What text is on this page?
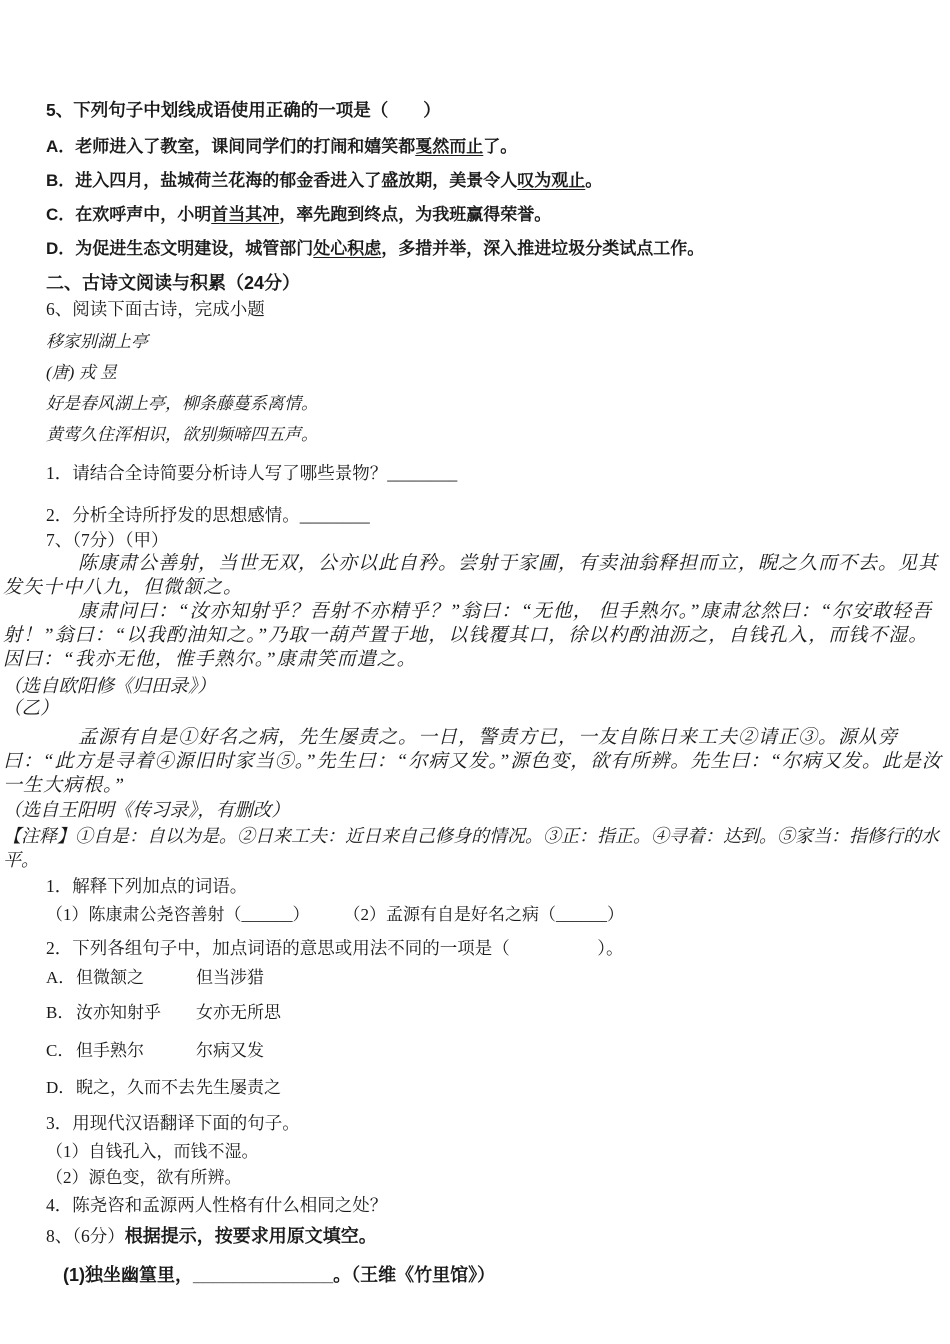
5、下列句子中划线成语使用正确的一项是（　　）

A．老师进入了教室，课间同学们的打闹和嬉笑都戛然而止了。

B．进入四月，盐城荷兰花海的郁金香进入了盛放期，美景令人叹为观止。

C．在欢呼声中，小明首当其冲，率先跑到终点，为我班赢得荣誉。

D．为促进生态文明建设，城管部门处心积虑，多措并举，深入推进垃圾分类试点工作。

二、古诗文阅读与积累（24分）

6、阅读下面古诗，完成小题

移家别湖上亭

(唐) 戎 昱

好是春风湖上亭，柳条藤蔓系离情。

黄莺久住浑相识，欲别频啼四五声。

1．请结合全诗简要分析诗人写了哪些景物？________

2．分析全诗所抒发的思想感情。________

7、（7分）（甲）

陈康肃公善射，当世无双，公亦以此自矜。尝射于家圃，有卖油翁释担而立，睨之久而不去。见其发矢十中八九，但微颔之。

康肃问曰：“汝亦知射乎？吾射不亦精乎？”翁曰：“无他， 但手熟尔。”康肃忿然曰：“尔安敢轻吾射！”翁曰：“以我酌油知之。”乃取一葫芦置于地，以钱覆其口，徐以杓酌油沥之，自钱孔入，而钱不湿。因曰：“我亦无他，惟手熟尔。”康肃笑而遣之。

（选自欧阳修《归田录》）

（乙）

孟源有自是①好名之病，先生屡责之。一日，警责方已，一友自陈日来工夫②请正③。源从旁曰：“此方是寻着④源旧时家当⑤。”先生曰：“尔病又发。”源色变，欲有所辨。先生曰：“尔病又发。此是汝一生大病根。”

（选自王阳明《传习录》，有删改）

【注释】①自是：自以为是。②日来工夫：近日来自己修身的情况。③正：指正。④寻着：达到。⑤家当：指修行的水平。

1．解释下列加点的词语。

（1）陈康肃公尧咨善射（______）　　　（2）孟源有自是好名之病（______）

2．下列各组句子中，加点词语的意思或用法不同的一项是（　　　　　）。

A． 但微颔之	但当涉猎
B． 汝亦知射乎	女亦无所思
C． 但手熟尔	尔病又发
D． 睨之，久而不去 先生屡责之

3．用现代汉语翻译下面的句子。

（1）自钱孔入，而钱不湿。

（2）源色变，欲有所辨。

4．陈尧咨和孟源两人性格有什么相同之处？

8、（6分）根据提示，按要求用原文填空。

(1)独坐幽篁里，______________。（王维《竹里馆》）
